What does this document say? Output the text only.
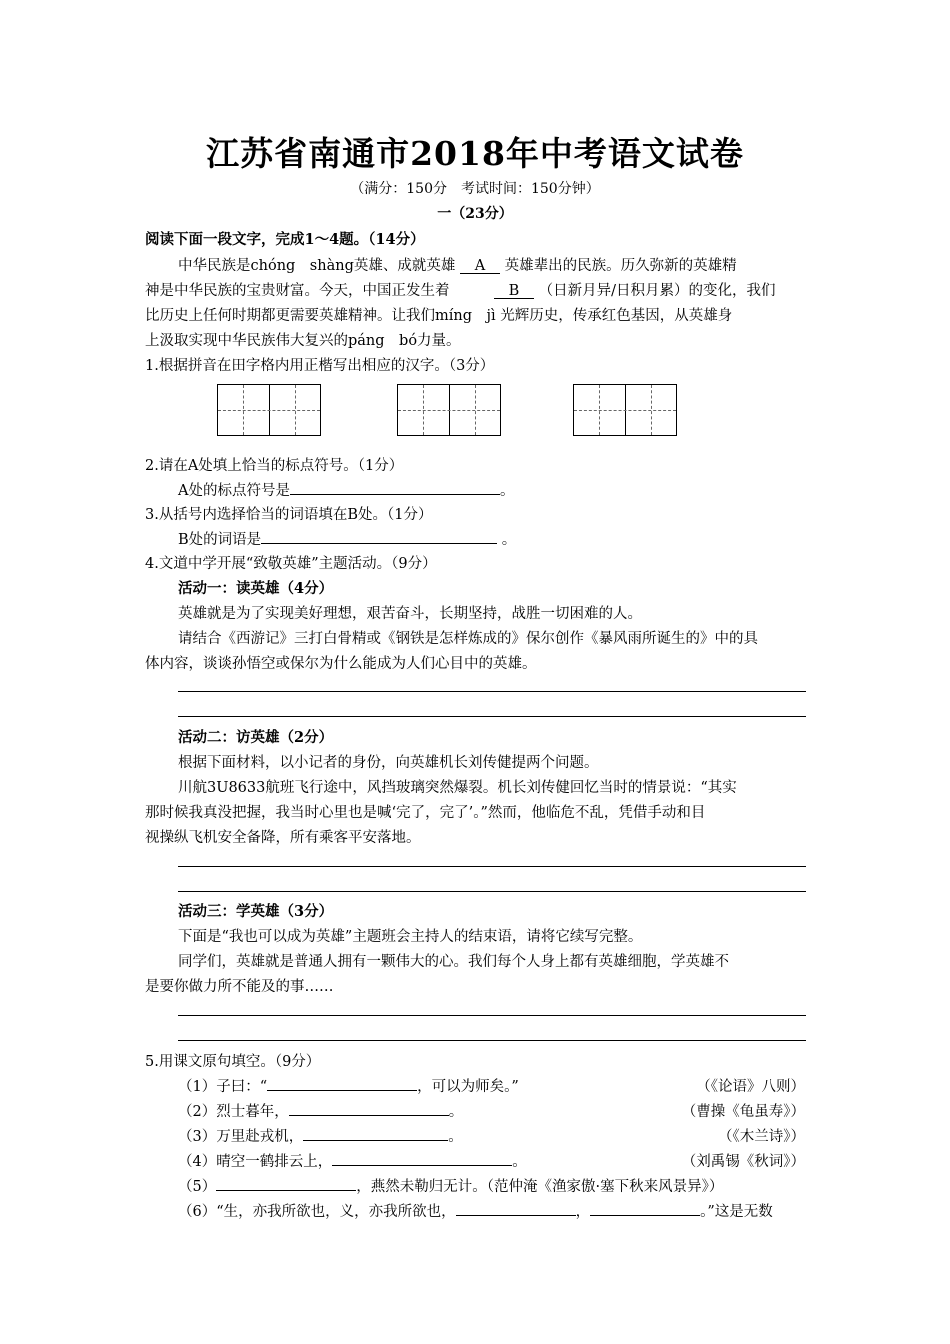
江苏省南通市2018年中考语文试卷
（满分：150分　考试时间：150分钟）
一（23分）
阅读下面一段文字，完成1～4题。（14分）
中华民族是chóng　shàng英雄、成就英雄 A 英雄辈出的民族。历久弥新的英雄精
神是中华民族的宝贵财富。今天，中国正发生着
比历史上任何时期都更需要英雄精神。让我们míng　jì 光辉历史，传承红色基因，从英雄身
上汲取实现中华民族伟大复兴的páng　bó力量。
B （日新月异/日积月累）的变化，我们
1.根据拼音在田字格内用正楷写出相应的汉字。（3分）
2.请在A处填上恰当的标点符号。（1分）
A处的标点符号是	。
3.从括号内选择恰当的词语填在B处。（1分）
B处的词语是	。
4.文道中学开展“致敬英雄”主题活动。（9分）
活动一：读英雄（4分）
英雄就是为了实现美好理想，艰苦奋斗，长期坚持，战胜一切困难的人。
请结合《西游记》三打白骨精或《钢铁是怎样炼成的》保尔创作《暴风雨所诞生的》中的具
体内容，谈谈孙悟空或保尔为什么能成为人们心目中的英雄。
活动二：访英雄（2分）
根据下面材料，以小记者的身份，向英雄机长刘传健提两个问题。
川航3U8633航班飞行途中，风挡玻璃突然爆裂。机长刘传健回忆当时的情景说：“其实
那时候我真没把握，我当时心里也是喊‘完了，完了’。”然而，他临危不乱，凭借手动和目
视操纵飞机安全备降，所有乘客平安落地。
活动三：学英雄（3分）
下面是“我也可以成为英雄”主题班会主持人的结束语，请将它续写完整。
同学们，英雄就是普通人拥有一颗伟大的心。我们每个人身上都有英雄细胞，学英雄不
是要你做力所不能及的事……
5.用课文原句填空。（9分）
（1）子曰：“	，可以为师矣。”	（《论语》八则）
（2）烈士暮年，	。	（曹操《龟虽寿》）
（3）万里赴戎机，	。	（《木兰诗》）
（4）晴空一鹤排云上，	。	（刘禹锡《秋词》）
（5）	，燕然未勒归无计。（范仲淹《渔家傲·塞下秋来风景异》）
（6）“生，亦我所欲也，义，亦我所欲也，	，	。”这是无数
